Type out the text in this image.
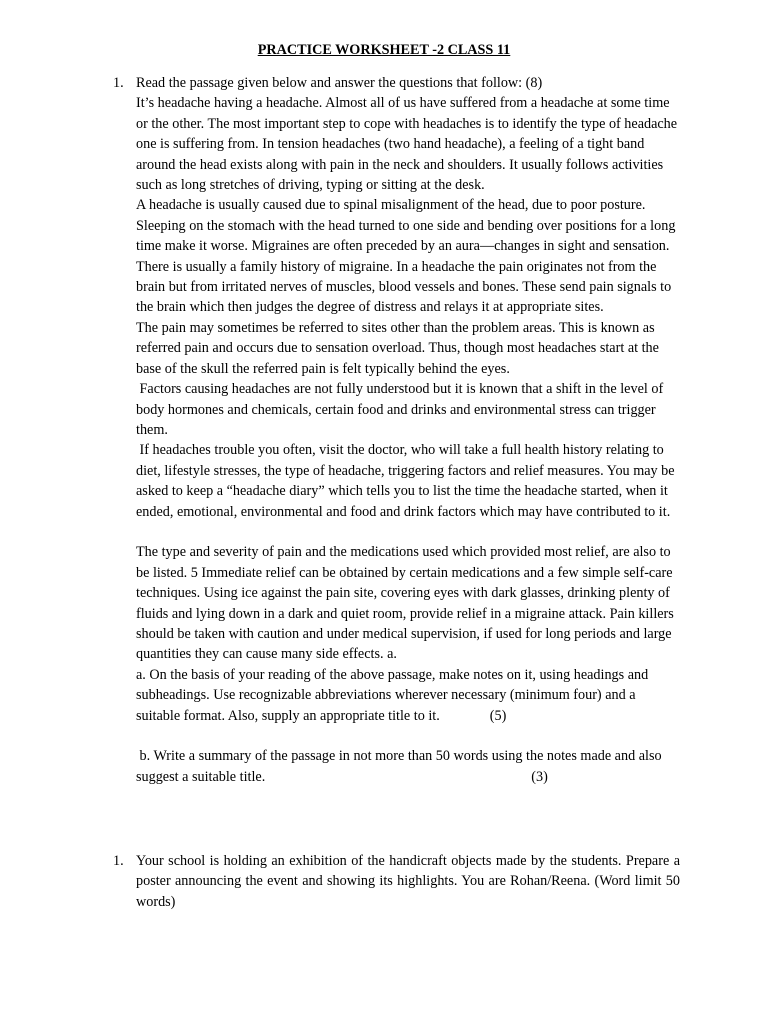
PRACTICE WORKSHEET -2 CLASS 11
1. Read the passage given below and answer the questions that follow: (8)

It’s headache having a headache. Almost all of us have suffered from a headache at some time or the other. The most important step to cope with headaches is to identify the type of headache one is suffering from. In tension headaches (two hand headache), a feeling of a tight band around the head exists along with pain in the neck and shoulders. It usually follows activities such as long stretches of driving, typing or sitting at the desk.

A headache is usually caused due to spinal misalignment of the head, due to poor posture. Sleeping on the stomach with the head turned to one side and bending over positions for a long time make it worse. Migraines are often preceded by an aura—changes in sight and sensation. There is usually a family history of migraine. In a headache the pain originates not from the brain but from irritated nerves of muscles, blood vessels and bones. These send pain signals to the brain which then judges the degree of distress and relays it at appropriate sites.

The pain may sometimes be referred to sites other than the problem areas. This is known as referred pain and occurs due to sensation overload. Thus, though most headaches start at the base of the skull the referred pain is felt typically behind the eyes.

Factors causing headaches are not fully understood but it is known that a shift in the level of body hormones and chemicals, certain food and drinks and environmental stress can trigger them.

If headaches trouble you often, visit the doctor, who will take a full health history relating to diet, lifestyle stresses, the type of headache, triggering factors and relief measures. You may be asked to keep a “headache diary” which tells you to list the time the headache started, when it ended, emotional, environmental and food and drink factors which may have contributed to it.

The type and severity of pain and the medications used which provided most relief, are also to be listed. 5 Immediate relief can be obtained by certain medications and a few simple self-care techniques. Using ice against the pain site, covering eyes with dark glasses, drinking plenty of fluids and lying down in a dark and quiet room, provide relief in a migraine attack. Pain killers should be taken with caution and under medical supervision, if used for long periods and large quantities they can cause many side effects. a.

a. On the basis of your reading of the above passage, make notes on it, using headings and subheadings. Use recognizable abbreviations wherever necessary (minimum four) and a suitable format. Also, supply an appropriate title to it.	(5)

b. Write a summary of the passage in not more than 50 words using the notes made and also suggest a suitable title.	(3)

1. Your school is holding an exhibition of the handicraft objects made by the students. Prepare a poster announcing the event and showing its highlights. You are Rohan/Reena. (Word limit 50 words)
